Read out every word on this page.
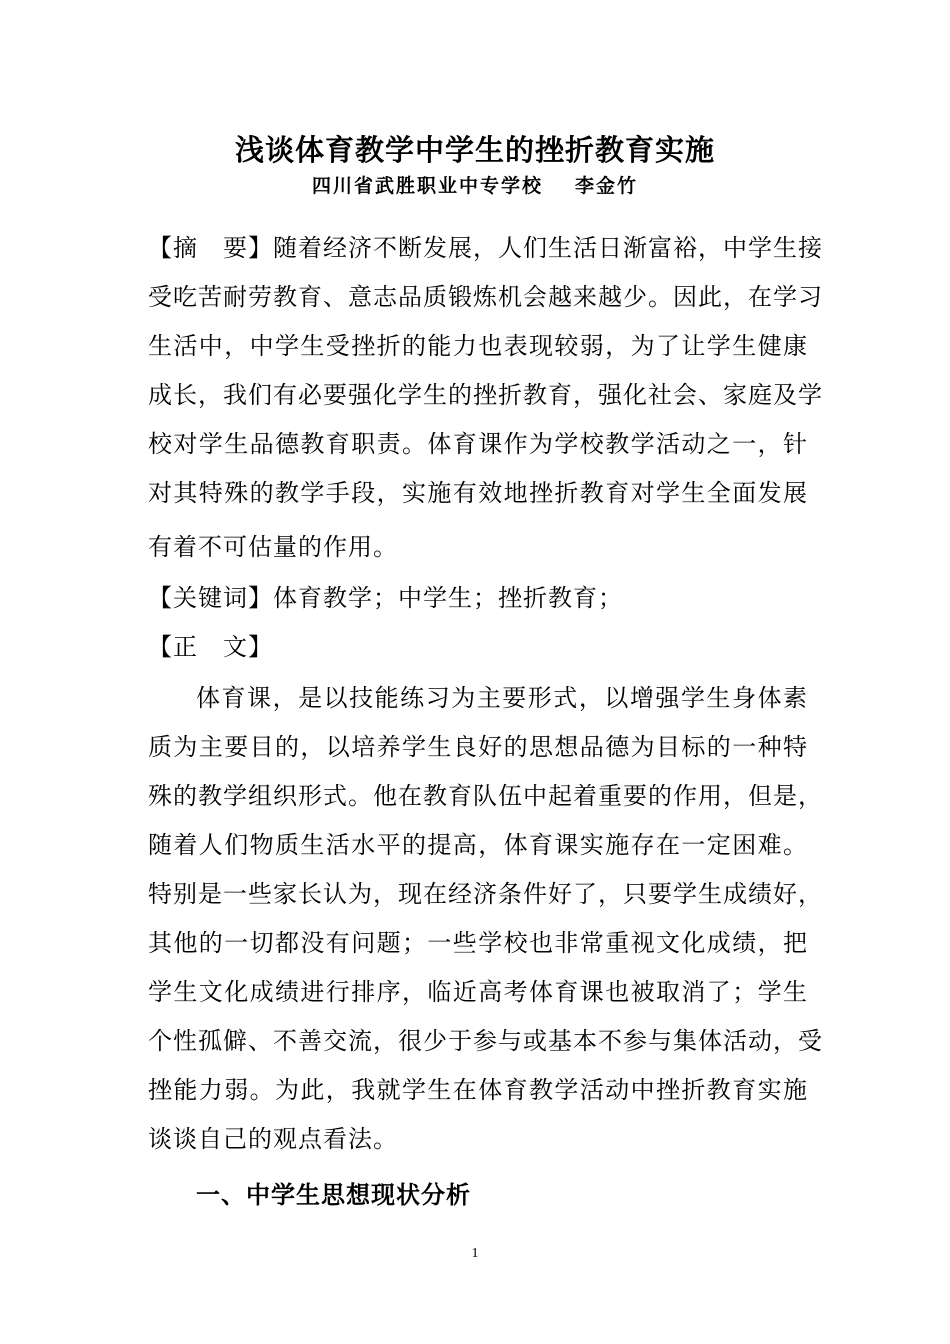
浅谈体育教学中学生的挫折教育实施
四川省武胜职业中专学校 李金竹
【摘　要】随着经济不断发展，人们生活日渐富裕，中学生接
受吃苦耐劳教育、意志品质锻炼机会越来越少。因此，在学习
生活中，中学生受挫折的能力也表现较弱，为了让学生健康
成长，我们有必要强化学生的挫折教育，强化社会、家庭及学
校对学生品德教育职责。体育课作为学校教学活动之一，针
对其特殊的教学手段，实施有效地挫折教育对学生全面发展
有着不可估量的作用。
【关键词】体育教学；中学生；挫折教育；
【正　文】
体育课，是以技能练习为主要形式，以增强学生身体素
质为主要目的，以培养学生良好的思想品德为目标的一种特
殊的教学组织形式。他在教育队伍中起着重要的作用，但是，
随着人们物质生活水平的提高，体育课实施存在一定困难。
特别是一些家长认为，现在经济条件好了，只要学生成绩好，
其他的一切都没有问题；一些学校也非常重视文化成绩，把
学生文化成绩进行排序，临近高考体育课也被取消了；学生
个性孤僻、不善交流，很少于参与或基本不参与集体活动，受
挫能力弱。为此，我就学生在体育教学活动中挫折教育实施
谈谈自己的观点看法。
一、中学生思想现状分析
1
